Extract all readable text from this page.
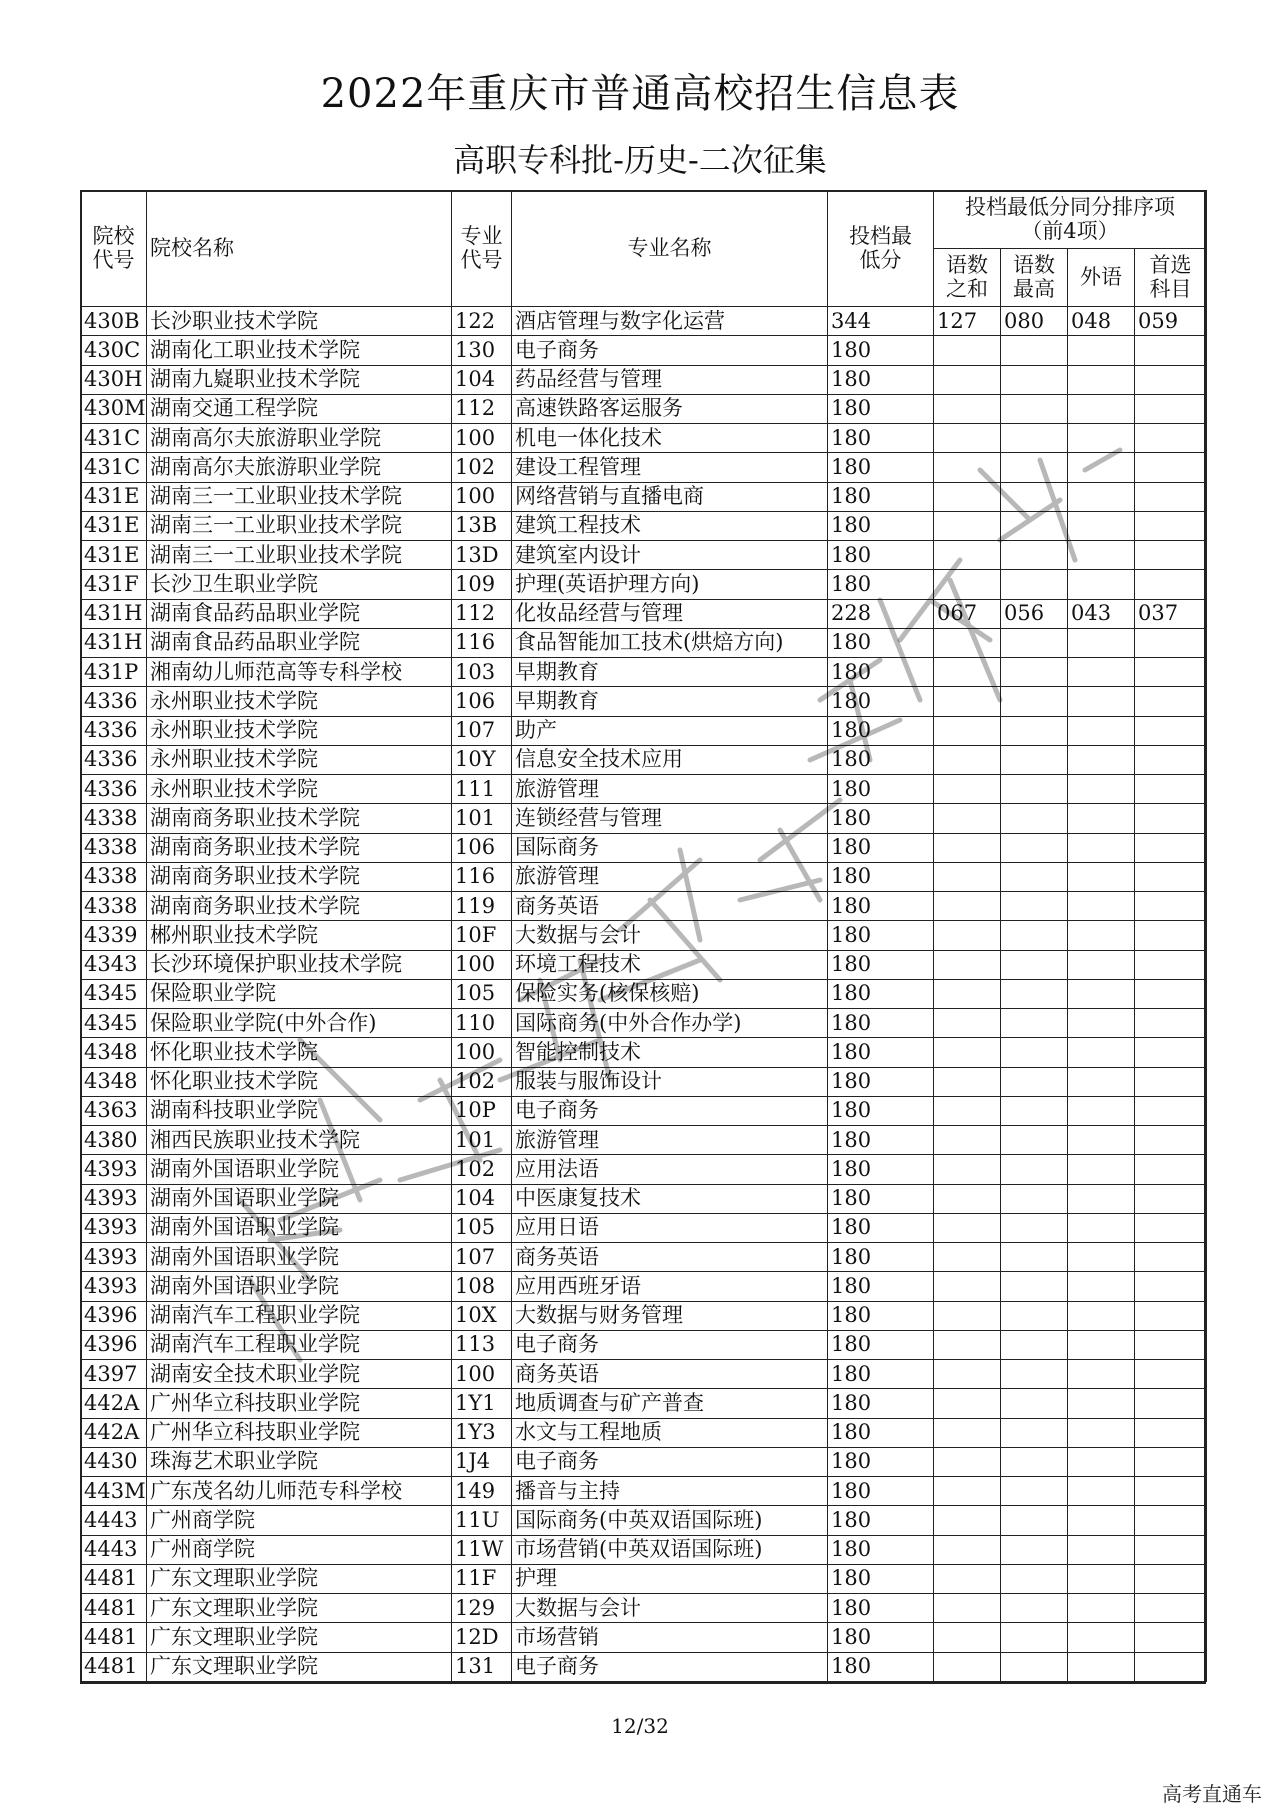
2022年重庆市普通高校招生信息表
高职专科批-历史-二次征集
院校代号	院校名称	专业代号	专业名称	投档最低分	投档最低分同分排序项（前4项）			
					语数之和	语数最高	外语	首选科目
430B	长沙职业技术学院	122	酒店管理与数字化运营	344	127	080	048	059
430C	湖南化工职业技术学院	130	电子商务	180				
430H	湖南九嶷职业技术学院	104	药品经营与管理	180				
430M	湖南交通工程学院	112	高速铁路客运服务	180				
431C	湖南高尔夫旅游职业学院	100	机电一体化技术	180				
431C	湖南高尔夫旅游职业学院	102	建设工程管理	180				
431E	湖南三一工业职业技术学院	100	网络营销与直播电商	180				
431E	湖南三一工业职业技术学院	13B	建筑工程技术	180				
431E	湖南三一工业职业技术学院	13D	建筑室内设计	180				
431F	长沙卫生职业学院	109	护理(英语护理方向)	180				
431H	湖南食品药品职业学院	112	化妆品经营与管理	228	067	056	043	037
431H	湖南食品药品职业学院	116	食品智能加工技术(烘焙方向)	180				
431P	湘南幼儿师范高等专科学校	103	早期教育	180				
4336	永州职业技术学院	106	早期教育	180				
4336	永州职业技术学院	107	助产	180				
4336	永州职业技术学院	10Y	信息安全技术应用	180				
4336	永州职业技术学院	111	旅游管理	180				
4338	湖南商务职业技术学院	101	连锁经营与管理	180				
4338	湖南商务职业技术学院	106	国际商务	180				
4338	湖南商务职业技术学院	116	旅游管理	180				
4338	湖南商务职业技术学院	119	商务英语	180				
4339	郴州职业技术学院	10F	大数据与会计	180				
4343	长沙环境保护职业技术学院	100	环境工程技术	180				
4345	保险职业学院	105	保险实务(核保核赔)	180				
4345	保险职业学院(中外合作)	110	国际商务(中外合作办学)	180				
4348	怀化职业技术学院	100	智能控制技术	180				
4348	怀化职业技术学院	102	服装与服饰设计	180				
4363	湖南科技职业学院	10P	电子商务	180				
4380	湘西民族职业技术学院	101	旅游管理	180				
4393	湖南外国语职业学院	102	应用法语	180				
4393	湖南外国语职业学院	104	中医康复技术	180				
4393	湖南外国语职业学院	105	应用日语	180				
4393	湖南外国语职业学院	107	商务英语	180				
4393	湖南外国语职业学院	108	应用西班牙语	180				
4396	湖南汽车工程职业学院	10X	大数据与财务管理	180				
4396	湖南汽车工程职业学院	113	电子商务	180				
4397	湖南安全技术职业学院	100	商务英语	180				
442A	广州华立科技职业学院	1Y1	地质调查与矿产普查	180				
442A	广州华立科技职业学院	1Y3	水文与工程地质	180				
4430	珠海艺术职业学院	1J4	电子商务	180				
443M	广东茂名幼儿师范专科学校	149	播音与主持	180				
4443	广州商学院	11U	国际商务(中英双语国际班)	180				
4443	广州商学院	11W	市场营销(中英双语国际班)	180				
4481	广东文理职业学院	11F	护理	180				
4481	广东文理职业学院	129	大数据与会计	180				
4481	广东文理职业学院	12D	市场营销	180				
4481	广东文理职业学院	131	电子商务	180				
12/32
高考直通车
